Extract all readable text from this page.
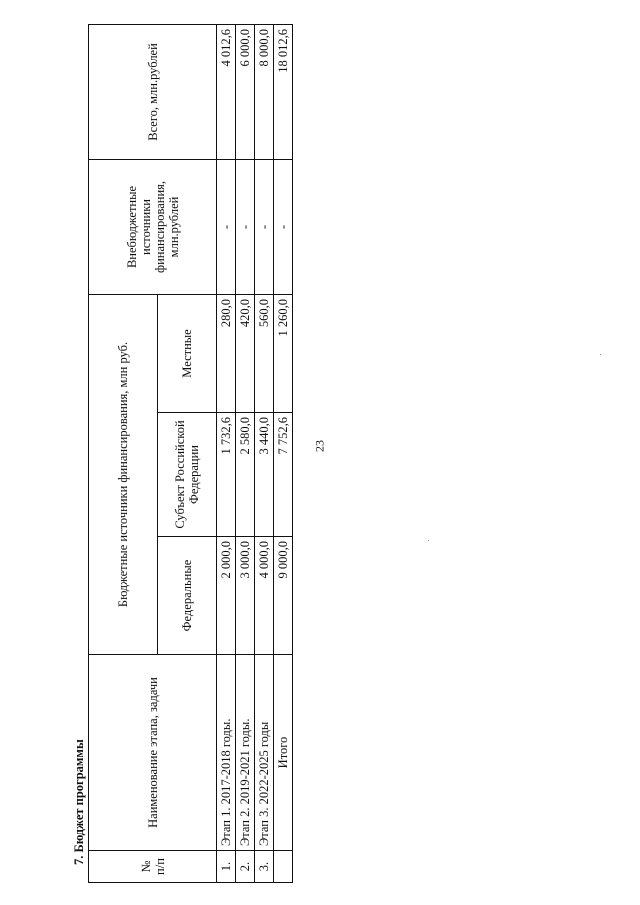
23
7. Бюджет программы
№ п/п	Наименование этапа, задачи	Бюджетные источники финансирования, млн руб.			Внебюджетные источники финансирования, млн.рублей	Всего, млн.рублей
		Федеральные	Субъект Российской Федерации	Местные		
1.	Этап 1. 2017-2018 годы.	2 000,0	1 732,6	280,0	-	4 012,6
2.	Этап 2. 2019-2021 годы.	3 000,0	2 580,0	420,0	-	6 000,0
3.	Этап 3. 2022-2025 годы	4 000,0	3 440,0	560,0	-	8 000,0
	Итого	9 000,0	7 752,6	1 260,0	-	18 012,6
